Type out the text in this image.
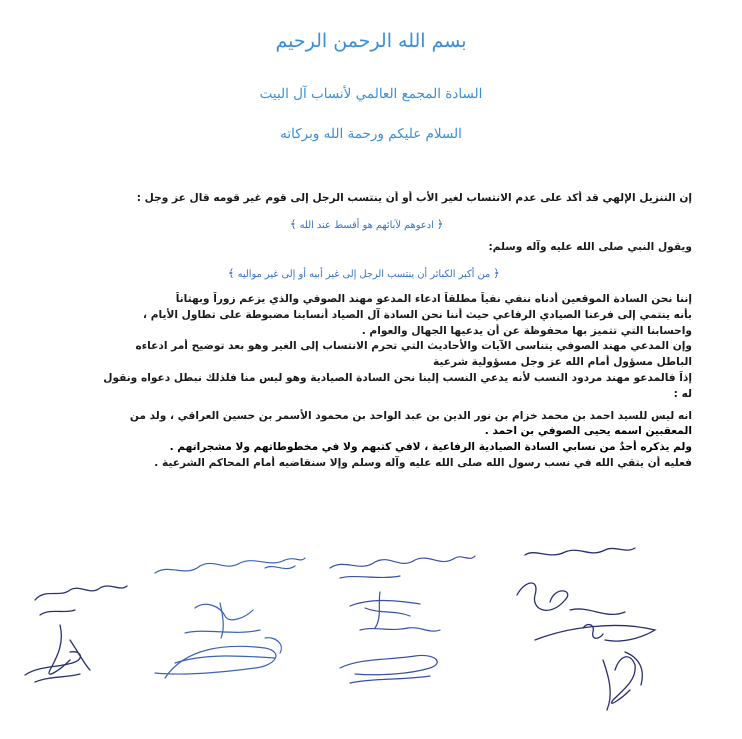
بسم الله الرحمن الرحيم
السادة المجمع العالمي لأنساب آل البيت
السلام عليكم ورحمة الله وبركاته
إن التنزيل الإلهي قد أكد على عدم الانتساب لغير الأب أو أن ينتسب الرجل إلى قوم غير قومه قال عز وجل :
﴿ ادعوهم لآبائهم هو أقسط عند الله ﴾
ويقول النبي صلى الله عليه وآله وسلم:
﴿ من أكبر الكبائر أن ينتسب الرجل إلى غير أبيه أو إلى غير مواليه ﴾
إننا نحن السادة الموقعين أدناه ننفي نفياً مطلقاً ادعاء المدعو مهند الصوفي والذي يزعم زوراً وبهتاناً
بأنه ينتمي إلى فرعنا الصيادي الرفاعي حيث أننا نحن السادة آل الصياد أنسابنا مضبوطة على تطاول الأيام ،
واحسابنا التي تتميز بها محفوظة عن أن يدعيها الجهال والعوام .
وإن المدعي مهند الصوفي يتناسى الآيات والأحاديث التي تحرم الانتساب إلى الغير وهو بعد توضيح أمر ادعاءه
الباطل مسؤول أمام الله عز وجل مسؤولية شرعية
إذاً فالمدعو مهند مردود النسب لأنه يدعي النسب إلينا نحن السادة الصيادية وهو ليس منا فلذلك نبطل دعواه ونقول
له :
انه ليس للسيد احمد بن محمد خزام بن نور الدين بن عبد الواحد بن محمود الأسمر بن حسين العراقي ، ولد من
المعقبين اسمه يحيى الصوفي بن احمد .
ولم يذكره أحدٌ من نسابي السادة الصيادية الرفاعية ، لافي كتبهم ولا في مخطوطاتهم ولا مشجراتهم .
فعليه أن يتقي الله في نسب رسول الله صلى الله عليه وآله وسلم وإلا سنقاضيه أمام المحاكم الشرعية .
